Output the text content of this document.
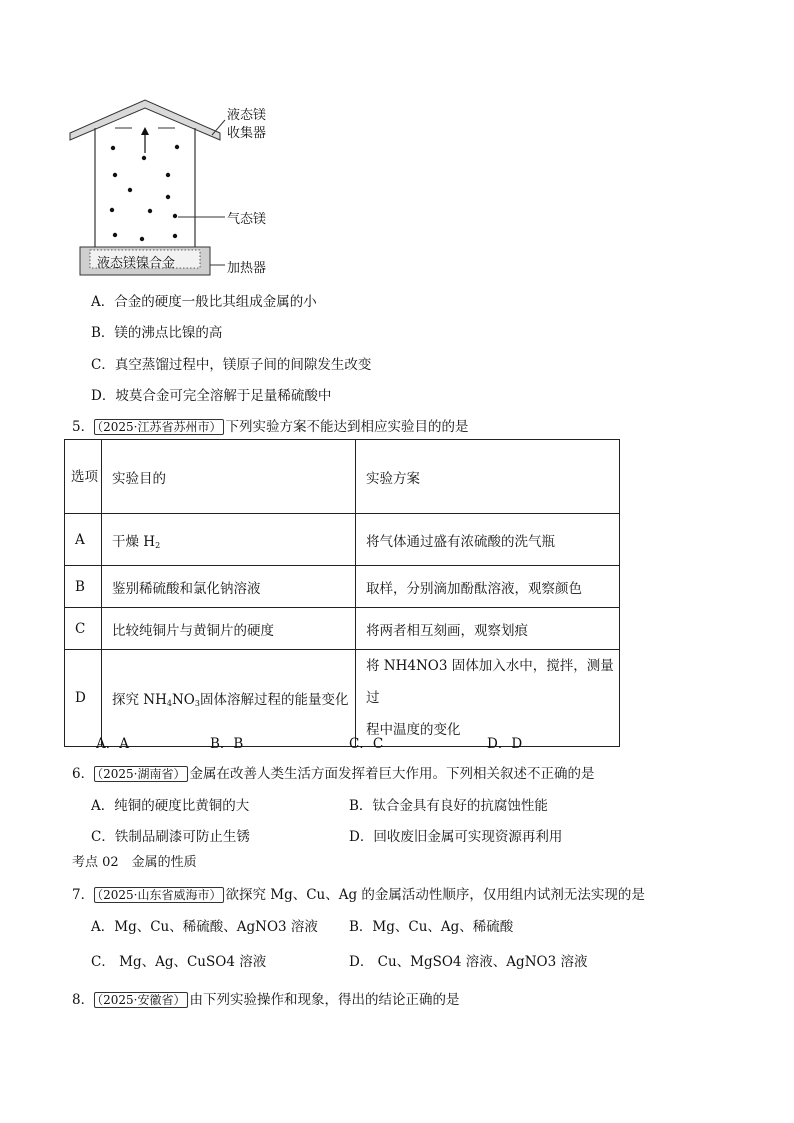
液态镁
收集器
气态镁
加热器
液态镁镍合金
A．合金的硬度一般比其组成金属的小
B．镁的沸点比镍的高
C．真空蒸馏过程中，镁原子间的间隙发生改变
D．坡莫合金可完全溶解于足量稀硫酸中
5． （2025·江苏省苏州市） 下列实验方案不能达到相应实验目的的是
选项	实验目的	实验方案
A	干燥 $H_2$	将气体通过盛有浓硫酸的洗气瓶
B	鉴别稀硫酸和氯化钠溶液	取样，分别滴加酚酞溶液，观察颜色
C	比较纯铜片与黄铜片的硬度	将两者相互刻画，观察划痕
D	探究 $NH_4NO_3$固体溶解过程的能量变化	将 NH4NO3 固体加入水中，搅拌，测量过
程中温度的变化
A．A	B．B	C．C	D．D
6． （2025·湖南省） 金属在改善人类生活方面发挥着巨大作用。下列相关叙述不正确的是
A．纯铜的硬度比黄铜的大	B．钛合金具有良好的抗腐蚀性能
C．铁制品刷漆可防止生锈	D．回收废旧金属可实现资源再利用
考点 02　金属的性质
7． （2025·山东省威海市） 欲探究 Mg、Cu、Ag 的金属活动性顺序，仅用组内试剂无法实现的是
A．Mg、Cu、稀硫酸、AgNO3 溶液 B．Mg、Cu、Ag、稀硫酸
C． Mg、Ag、CuSO4 溶液	D． Cu、MgSO4 溶液、AgNO3 溶液
8． （2025·安徽省） 由下列实验操作和现象，得出的结论正确的是
